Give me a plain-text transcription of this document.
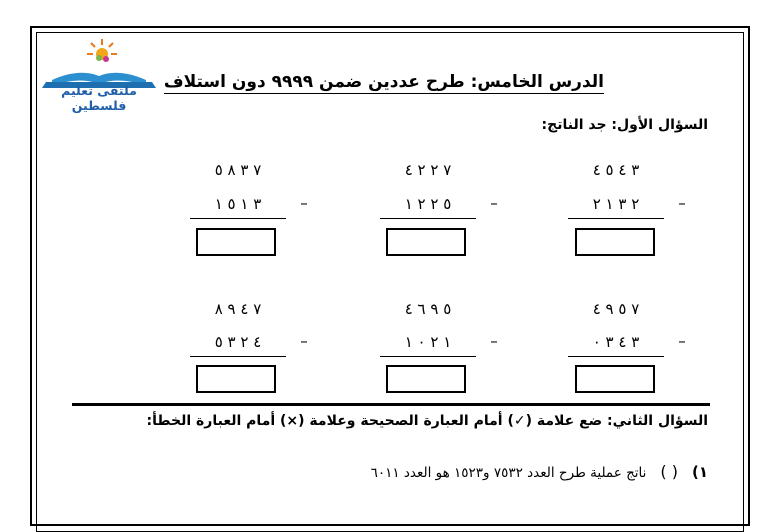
ملتقى تعليم فلسطين
الدرس الخامس: طرح عددين ضمن ٩٩٩٩ دون استلاف
السؤال الأول: جد الناتج:
٣ ٤ ٥ ٤
٢ ٣ ١ ٢	–
٧ ٢ ٢ ٤
٥ ٢ ٢ ١	–
٧ ٣ ٨ ٥
٣ ١ ٥ ١	–
٧ ٥ ٩ ٤
٣ ٤ ٣ ٠	–
٥ ٩ ٦ ٤
١ ٢ ٠ ١	–
٧ ٤ ٩ ٨
٤ ٢ ٣ ٥	–
السؤال الثاني: ضع علامة (✓) أمام العبارة الصحيحة وعلامة (×) أمام العبارة الخطأ:
١)( )ناتج عملية طرح العدد ٧٥٣٢ و١٥٢٣ هو العدد ٦٠١١
